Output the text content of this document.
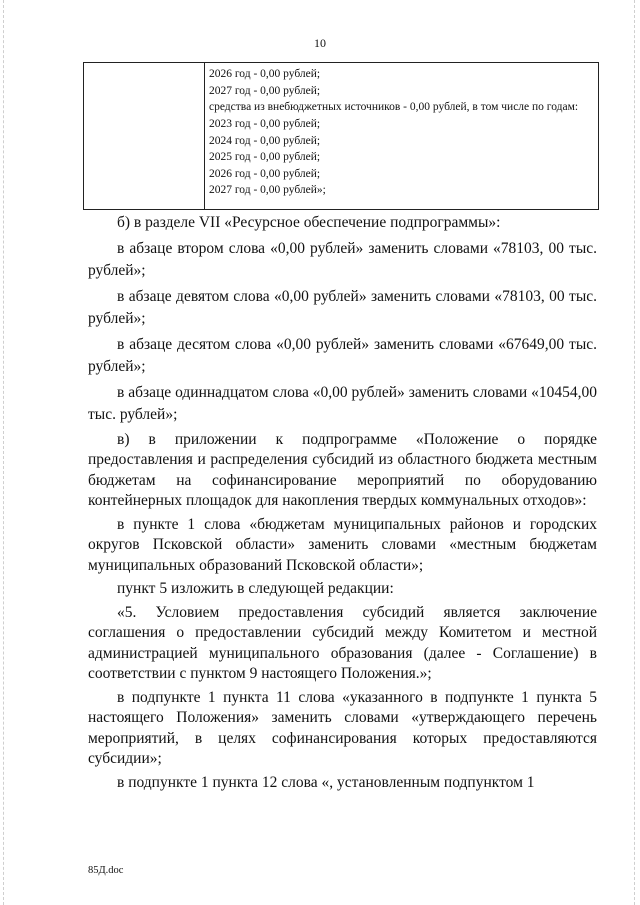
10
2026 год - 0,00 рублей;
2027 год - 0,00 рублей;
средства из внебюджетных источников - 0,00 рублей, в том числе по годам:
2023 год - 0,00 рублей;
2024 год - 0,00 рублей;
2025 год - 0,00 рублей;
2026 год - 0,00 рублей;
2027 год - 0,00 рублей»;

б) в разделе VII «Ресурсное обеспечение подпрограммы»:

в абзаце втором слова «0,00 рублей» заменить словами «78103, 00 тыс. рублей»;

в абзаце девятом слова «0,00 рублей» заменить словами «78103, 00 тыс. рублей»;

в абзаце десятом слова «0,00 рублей» заменить словами «67649,00 тыс. рублей»;

в абзаце одиннадцатом слова «0,00 рублей» заменить словами «10454,00 тыс. рублей»;

в) в приложении к подпрограмме «Положение о порядке предоставления и распределения субсидий из областного бюджета местным бюджетам на софинансирование мероприятий по оборудованию контейнерных площадок для накопления твердых коммунальных отходов»:

в пункте 1 слова «бюджетам муниципальных районов и городских округов Псковской области» заменить словами «местным бюджетам муниципальных образований Псковской области»;

пункт 5 изложить в следующей редакции:

«5. Условием предоставления субсидий является заключение соглашения о предоставлении субсидий между Комитетом и местной администрацией муниципального образования (далее - Соглашение) в соответствии с пунктом 9 настоящего Положения.»;

в подпункте 1 пункта 11 слова «указанного в подпункте 1 пункта 5 настоящего Положения» заменить словами «утверждающего перечень мероприятий, в целях софинансирования которых предоставляются субсидии»;

в подпункте 1 пункта 12 слова «, установленным подпунктом 1

85Д.doc
